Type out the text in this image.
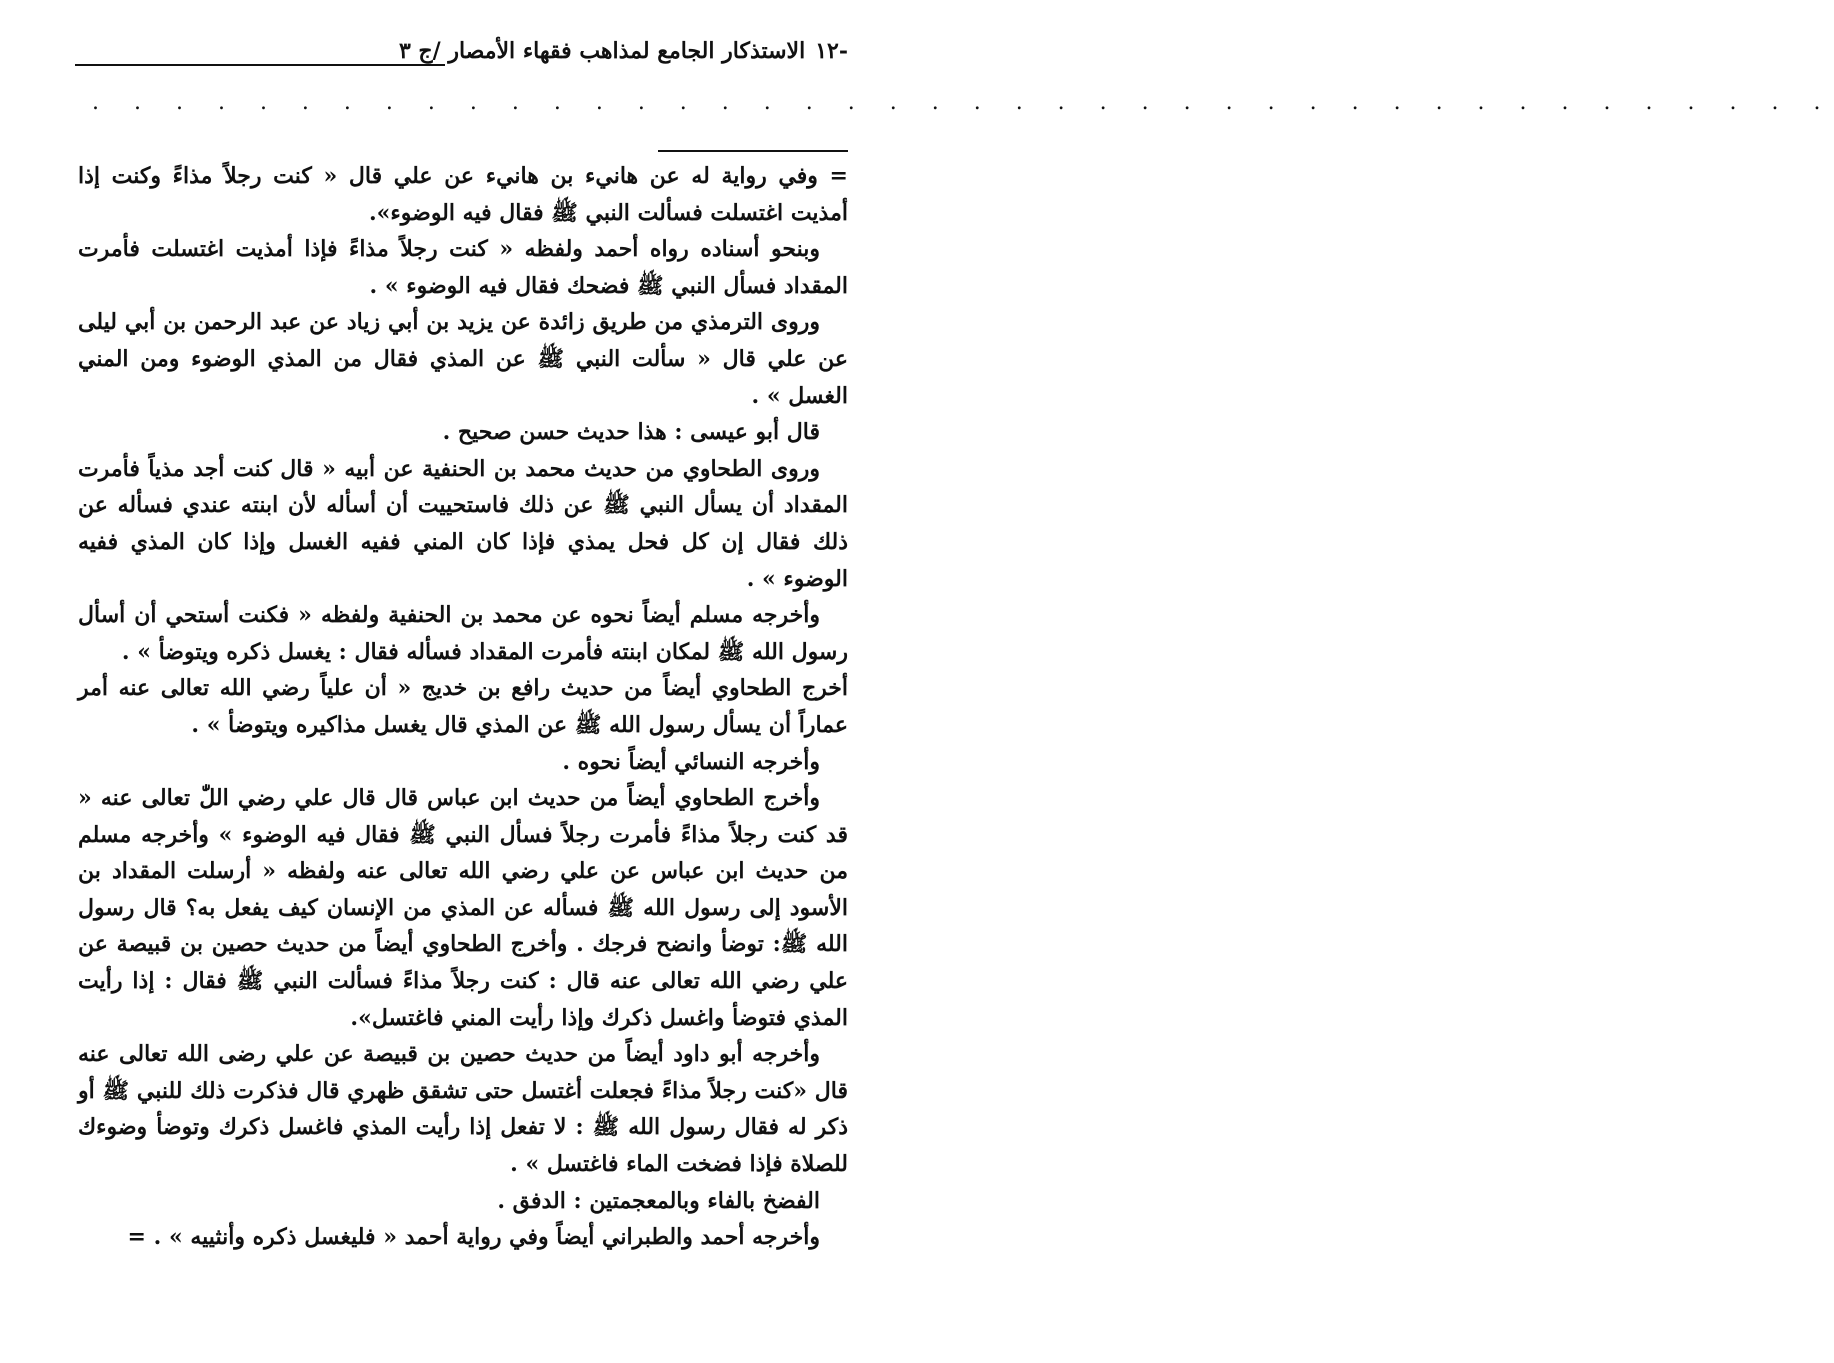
-١٢
الاستذكار الجامع لمذاهب فقهاء الأمصار /ج ٣
. . . . . . . . . . . . . . . . . . . . . . . . . . . . . . . . . . . . . . . . . .

= وفي رواية له عن هانيء بن هانيء عن علي قال « كنت رجلاً مذاءً وكنت إذا أمذيت اغتسلت فسألت النبي ﷺ فقال فيه الوضوء».

وبنحو أسناده رواه أحمد ولفظه « كنت رجلاً مذاءً فإذا أمذيت اغتسلت فأمرت المقداد فسأل النبي ﷺ فضحك فقال فيه الوضوء » .

وروى الترمذي من طريق زائدة عن يزيد بن أبي زياد عن عبد الرحمن بن أبي ليلى عن علي قال « سألت النبي ﷺ عن المذي فقال من المذي الوضوء ومن المني الغسل » .

قال أبو عيسى : هذا حديث حسن صحيح .

وروى الطحاوي من حديث محمد بن الحنفية عن أبيه « قال كنت أجد مذياً فأمرت المقداد أن يسأل النبي ﷺ عن ذلك فاستحييت أن أسأله لأن ابنته عندي فسأله عن ذلك فقال إن كل فحل يمذي فإذا كان المني ففيه الغسل وإذا كان المذي ففيه الوضوء » .

وأخرجه مسلم أيضاً نحوه عن محمد بن الحنفية ولفظه « فكنت أستحي أن أسأل رسول الله ﷺ لمكان ابنته فأمرت المقداد فسأله فقال : يغسل ذكره ويتوضأ » .

أخرج الطحاوي أيضاً من حديث رافع بن خديج « أن علياً رضي الله تعالى عنه أمر عماراً أن يسأل رسول الله ﷺ عن المذي قال يغسل مذاكيره ويتوضأ » .

وأخرجه النسائي أيضاً نحوه .

وأخرج الطحاوي أيضاً من حديث ابن عباس قال قال علي رضي اللّٰ تعالى عنه « قد كنت رجلاً مذاءً فأمرت رجلاً فسأل النبي ﷺ فقال فيه الوضوء » وأخرجه مسلم من حديث ابن عباس عن علي رضي الله تعالى عنه ولفظه « أرسلت المقداد بن الأسود إلى رسول الله ﷺ فسأله عن المذي من الإنسان كيف يفعل به؟ قال رسول الله ﷺ: توضأ وانضح فرجك . وأخرج الطحاوي أيضاً من حديث حصين بن قبيصة عن علي رضي الله تعالى عنه قال : كنت رجلاً مذاءً فسألت النبي ﷺ فقال : إذا رأيت المذي فتوضأ واغسل ذكرك وإذا رأيت المني فاغتسل».

وأخرجه أبو داود أيضاً من حديث حصين بن قبيصة عن علي رضى الله تعالى عنه قال «كنت رجلاً مذاءً فجعلت أغتسل حتى تشقق ظهري قال فذكرت ذلك للنبي ﷺ أو ذكر له فقال رسول الله ﷺ : لا تفعل إذا رأيت المذي فاغسل ذكرك وتوضأ وضوءك للصلاة فإذا فضخت الماء فاغتسل » .

الفضخ بالفاء وبالمعجمتين : الدفق .

وأخرجه أحمد والطبراني أيضاً وفي رواية أحمد « فليغسل ذكره وأنثييه » . =
